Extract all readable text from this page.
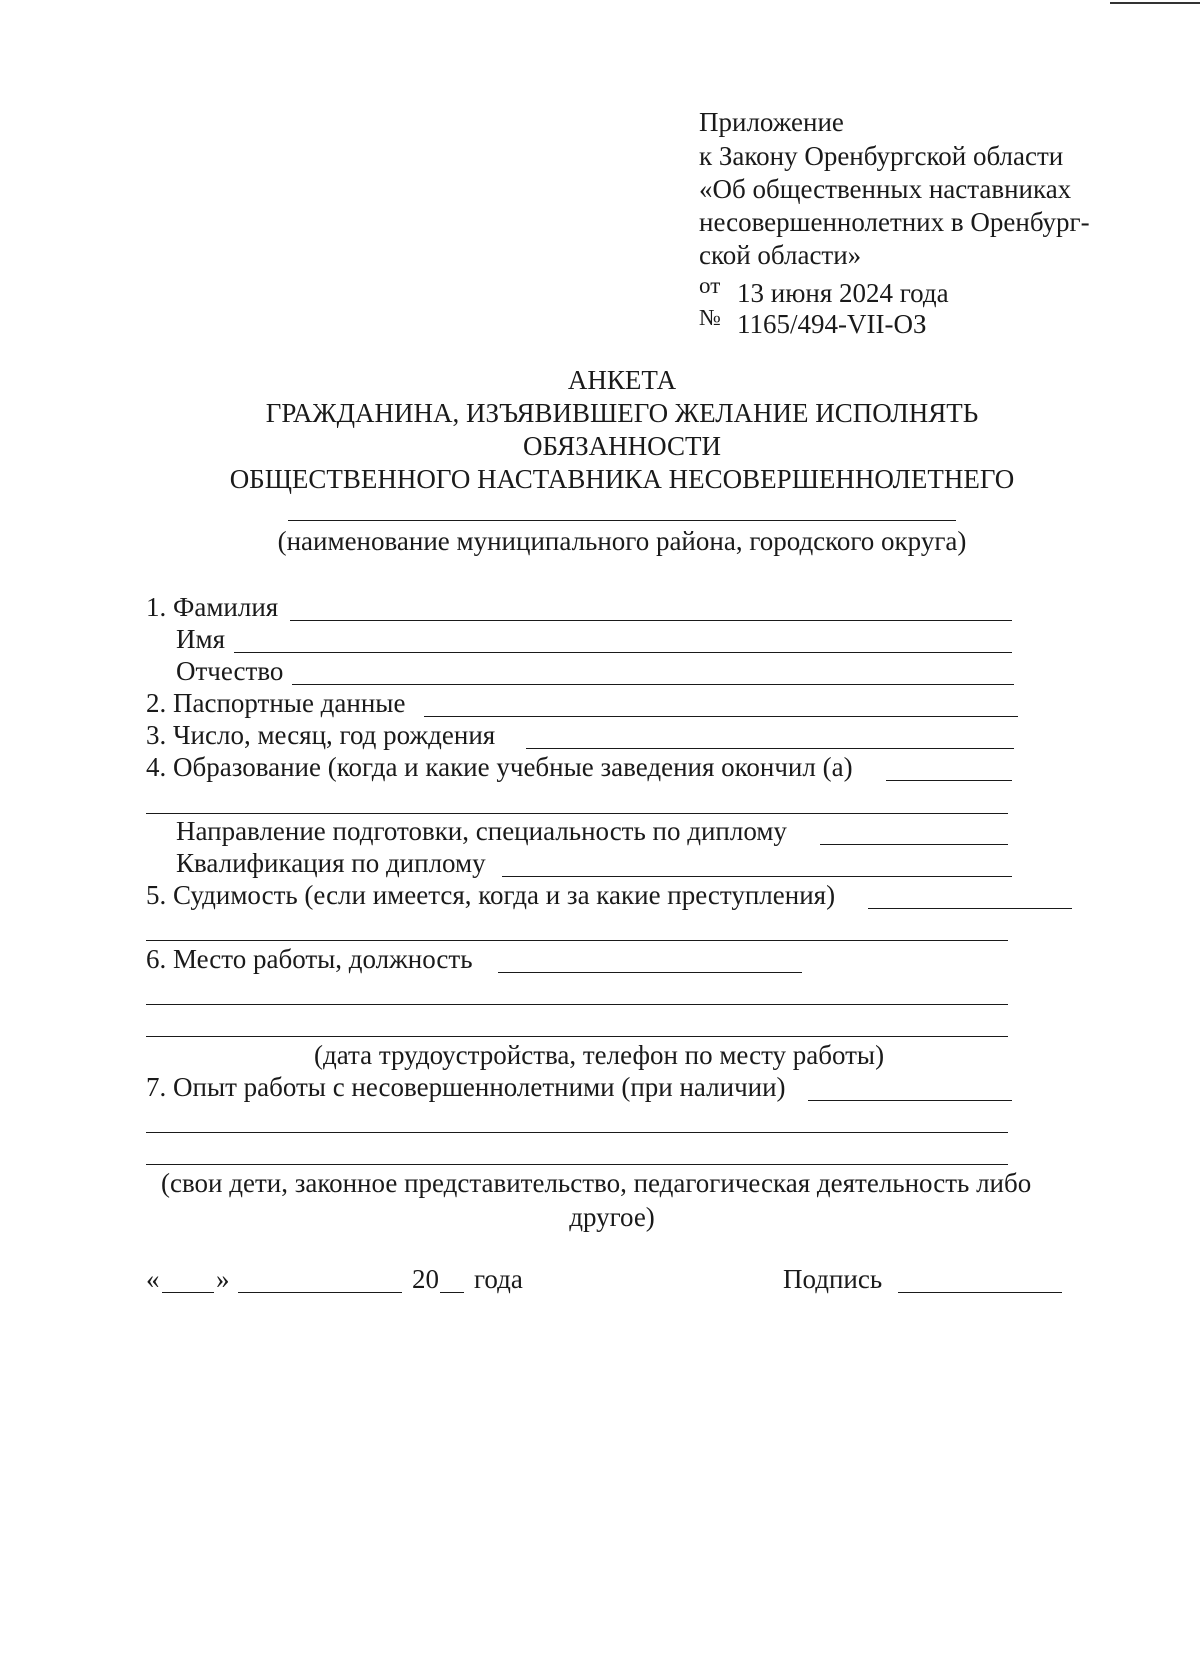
Приложение
к Закону Оренбургской области
«Об общественных наставниках
несовершеннолетних в Оренбург-
ской области»
от 13 июня 2024 года
№ 1165/494-VII-ОЗ
АНКЕТА
ГРАЖДАНИНА, ИЗЪЯВИВШЕГО ЖЕЛАНИЕ ИСПОЛНЯТЬ
ОБЯЗАННОСТИ
ОБЩЕСТВЕННОГО НАСТАВНИКА НЕСОВЕРШЕННОЛЕТНЕГО
(наименование муниципального района, городского округа)
1. Фамилия
Имя
Отчество
2. Паспортные данные
3. Число, месяц, год рождения
4. Образование (когда и какие учебные заведения окончил (а)
Направление подготовки, специальность по диплому
Квалификация по диплому
5. Судимость (если имеется, когда и за какие преступления)
6. Место работы, должность
(дата трудоустройства, телефон по месту работы)
7. Опыт работы с несовершеннолетними (при наличии)
(свои дети, законное представительство, педагогическая деятельность либо
другое)
« »	20 года	Подпись
